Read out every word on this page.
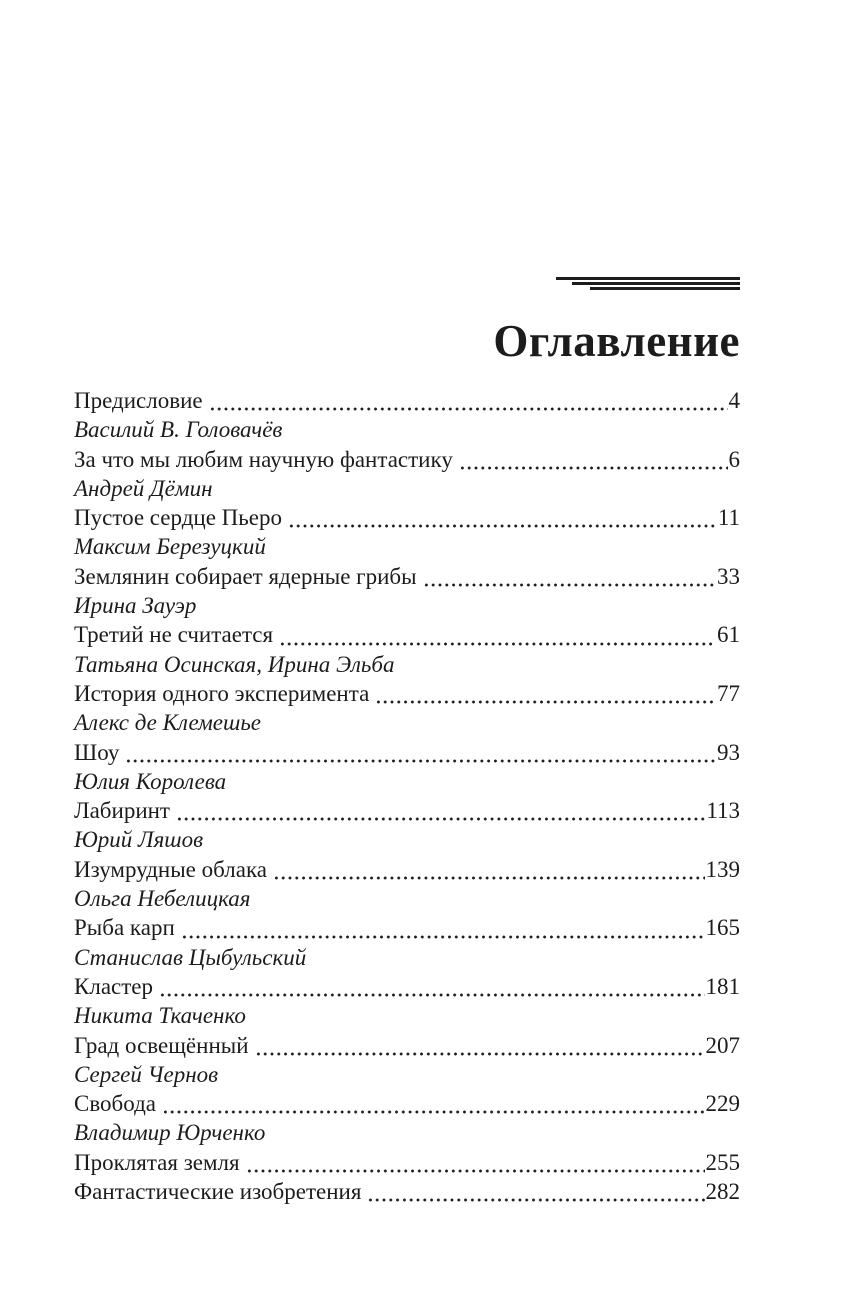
Оглавление
Предисловие	4
Василий В. Головачёв
За что мы любим научную фантастику	6
Андрей Дёмин
Пустое сердце Пьеро	11
Максим Березуцкий
Землянин собирает ядерные грибы	33
Ирина Зауэр
Третий не считается	61
Татьяна Осинская, Ирина Эльба
История одного эксперимента	77
Алекс де Клемешье
Шоу	93
Юлия Королева
Лабиринт	113
Юрий Ляшов
Изумрудные облака	139
Ольга Небелицкая
Рыба карп	165
Станислав Цыбульский
Кластер	181
Никита Ткаченко
Град освещённый	207
Сергей Чернов
Свобода	229
Владимир Юрченко
Проклятая земля	255
Фантастические изобретения	282
